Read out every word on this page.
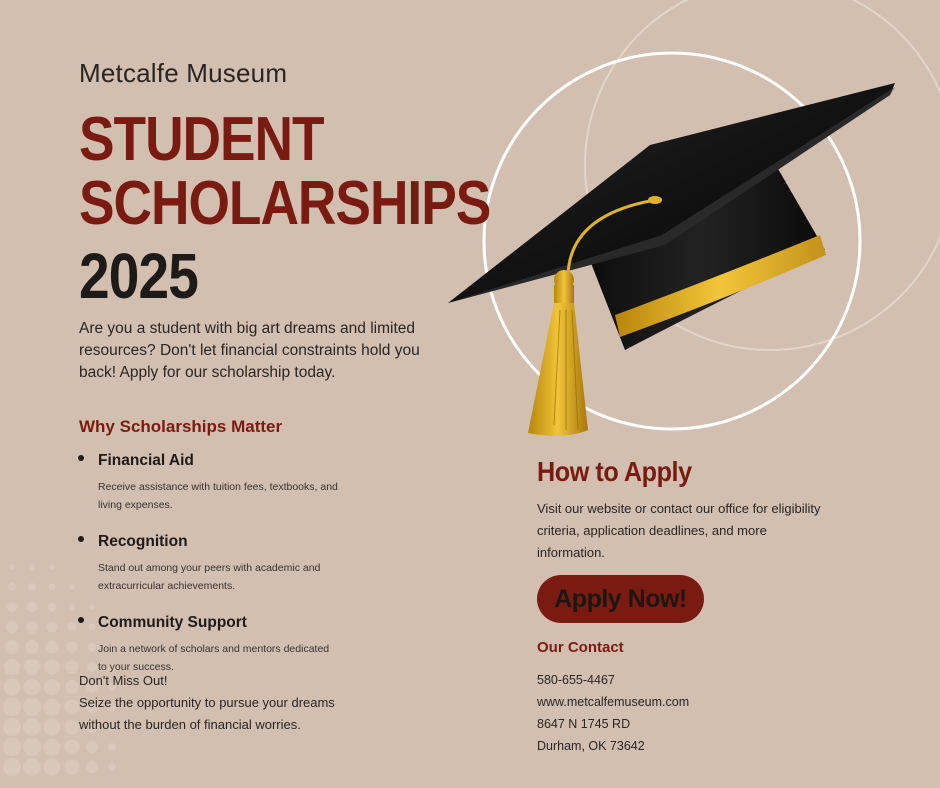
Metcalfe Museum
STUDENT
SCHOLARSHIPS
2025
Are you a student with big art dreams and limited resources? Don't let financial constraints hold you back! Apply for our scholarship today.
Why Scholarships Matter
Financial Aid
Receive assistance with tuition fees, textbooks, and living expenses.
Recognition
Stand out among your peers with academic and extracurricular achievements.
Community Support
Join a network of scholars and mentors dedicated to your success.
Don't Miss Out!
Seize the opportunity to pursue your dreams without the burden of financial worries.
How to Apply
Visit our website or contact our office for eligibility criteria, application deadlines, and more information.
Apply Now!
Our Contact
580-655-4467
www.metcalfemuseum.com
8647 N 1745 RD
Durham, OK 73642
